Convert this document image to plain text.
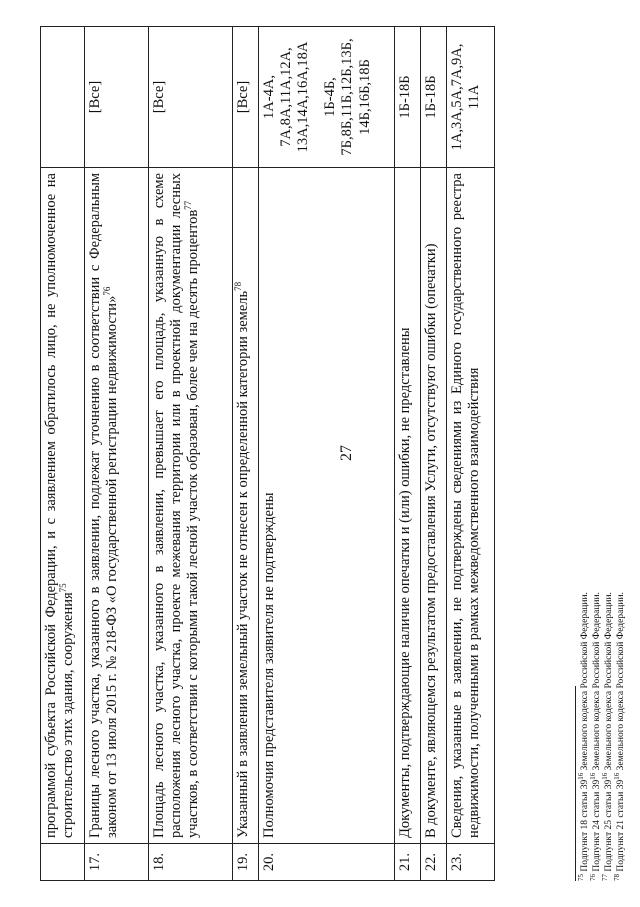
27
	программой субъекта Российской Федерации, и с заявлением обратилось лицо, не уполномоченное на строительство этих здания, сооружения$^{75}$	
17.	Границы лесного участка, указанного в заявлении, подлежат уточнению в соответствии с Федеральным законом от 13 июля 2015 г. № 218-ФЗ «О государственной регистрации недвижимости»$^{76}$	[Все]
18.	Площадь лесного участка, указанного в заявлении, превышает его площадь, указанную в схеме расположения лесного участка, проекте межевания территории или в проектной документации лесных участков, в соответствии с которыми такой лесной участок образован, более чем на десять процентов$^{77}$	[Все]
19.	Указанный в заявлении земельный участок не отнесен к определенной категории земель$^{78}$	[Все]
20.	Полномочия представителя заявителя не подтверждены	1А-4А, 7А,8А,11А,12А, 13А,14А,16А,18А 1Б-4Б, 7Б,8Б,11Б,12Б,13Б, 14Б,16Б,18Б

21.	Документы, подтверждающие наличие опечатки и (или) ошибки, не представлены	1Б-18Б
22.	В документе, являющемся результатом предоставления Услуги, отсутствуют ошибки (опечатки)	1Б-18Б
23.	Сведения, указанные в заявлении, не подтверждены сведениями из Единого государственного реестра недвижимости, полученными в рамках межведомственного взаимодействия	1А,3А,5А,7А,9А, 11А
$^{75}$ Подпункт 18 статьи $39^{16}$ Земельного кодекса Российской Федерации.
$^{76}$ Подпункт 24 статьи $39^{16}$ Земельного кодекса Российской Федерации.
$^{77}$ Подпункт 25 статьи $39^{16}$ Земельного кодекса Российской Федерации.
$^{78}$ Подпункт 21 статьи $39^{16}$ Земельного кодекса Российской Федерации.
